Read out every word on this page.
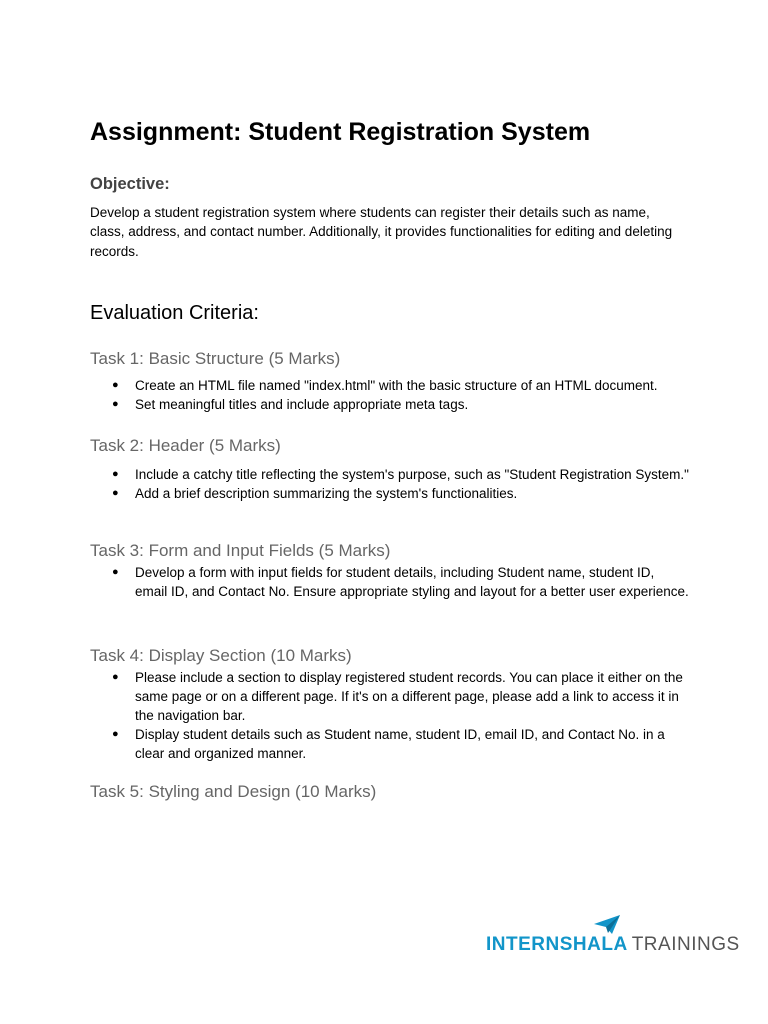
Assignment: Student Registration System
Objective:

Develop a student registration system where students can register their details such as name, class, address, and contact number. Additionally, it provides functionalities for editing and deleting records.

Evaluation Criteria:
Task 1: Basic Structure (5 Marks)
● Create an HTML file named "index.html" with the basic structure of an HTML document.
● Set meaningful titles and include appropriate meta tags.
Task 2: Header (5 Marks)
● Include a catchy title reflecting the system's purpose, such as "Student Registration System."
● Add a brief description summarizing the system's functionalities.
Task 3: Form and Input Fields (5 Marks)
● Develop a form with input fields for student details, including Student name, student ID, email ID, and Contact No. Ensure appropriate styling and layout for a better user experience.
Task 4: Display Section (10 Marks)
● Please include a section to display registered student records. You can place it either on the same page or on a different page. If it's on a different page, please add a link to access it in the navigation bar.
● Display student details such as Student name, student ID, email ID, and Contact No. in a clear and organized manner.
Task 5: Styling and Design (10 Marks)
INTERNSHALA TRAININGS
